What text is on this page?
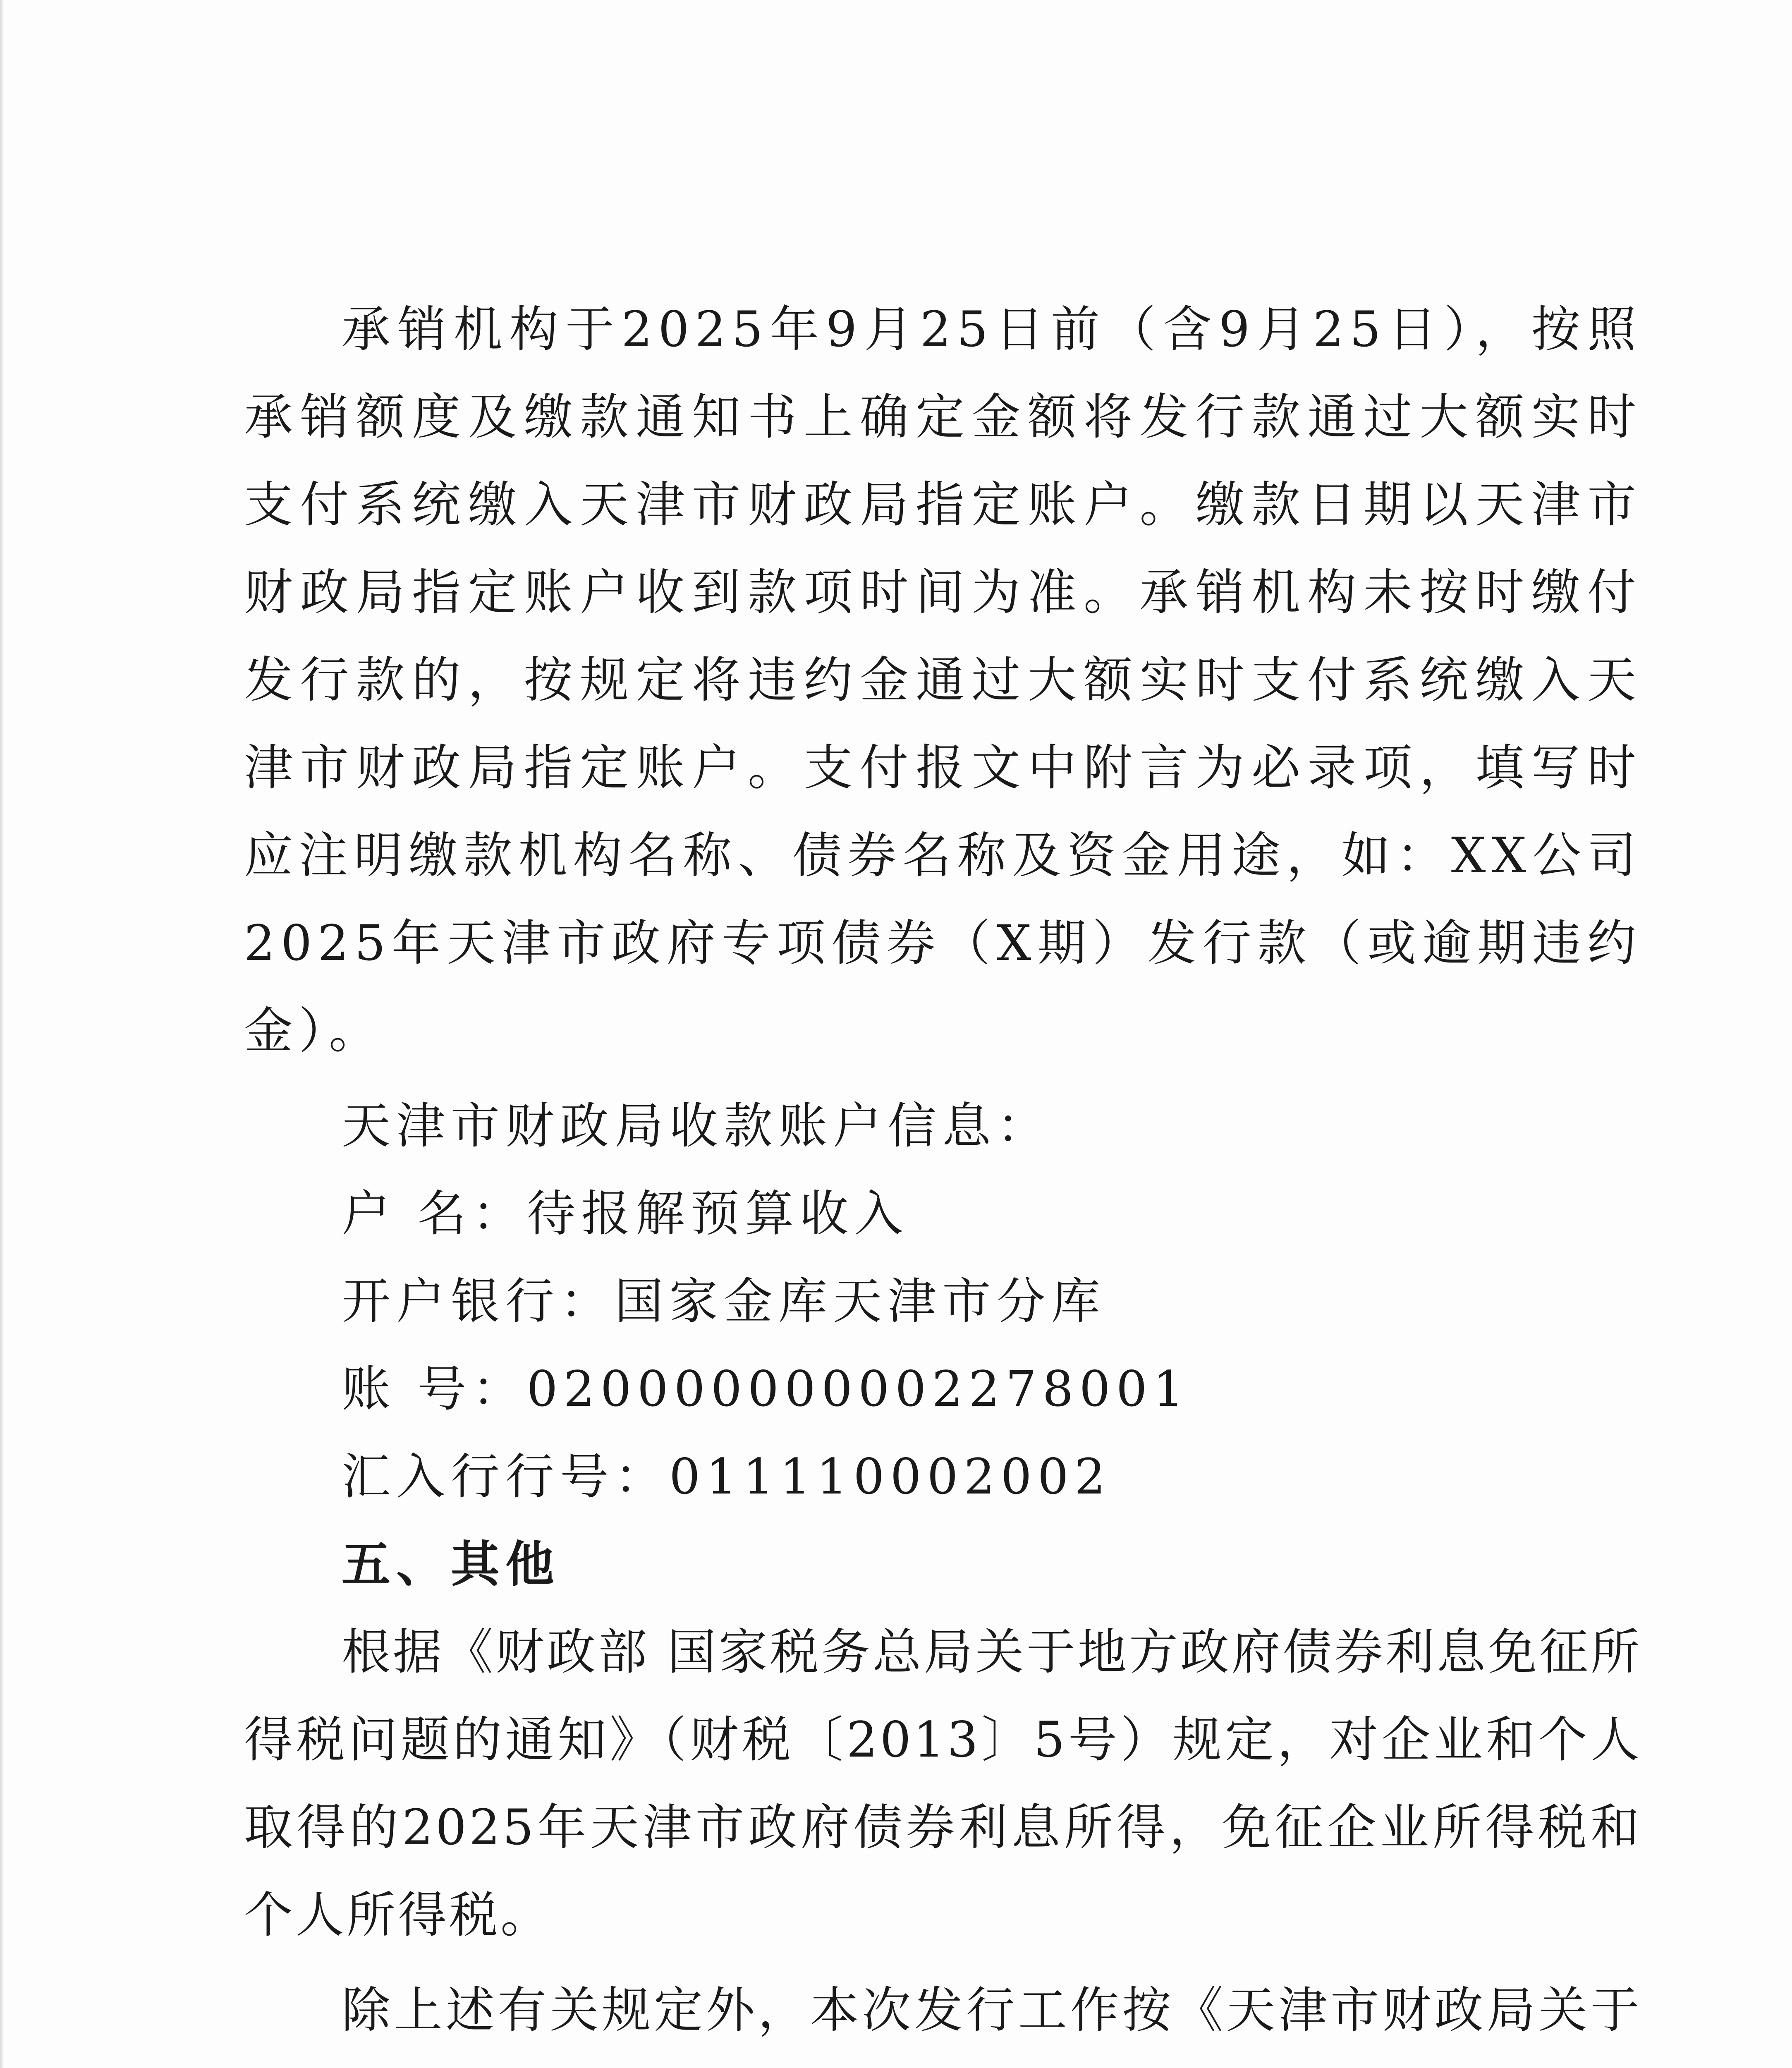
承销机构于2025年9月25日前（含9月25日），按照承销额度及缴款通知书上确定金额将发行款通过大额实时支付系统缴入天津市财政局指定账户。缴款日期以天津市财政局指定账户收到款项时间为准。承销机构未按时缴付发行款的，按规定将违约金通过大额实时支付系统缴入天津市财政局指定账户。支付报文中附言为必录项，填写时应注明缴款机构名称、债券名称及资金用途，如：XX公司2025年天津市政府专项债券（X期）发行款（或逾期违约金）。

天津市财政局收款账户信息：

户 名：待报解预算收入

开户银行：国家金库天津市分库

账 号：020000000002278001

汇入行行号：011110002002

五、其他

根据《财政部 国家税务总局关于地方政府债券利息免征所得税问题的通知》（财税〔2013〕5号）规定，对企业和个人取得的2025年天津市政府债券利息所得，免征企业所得税和个人所得税。

除上述有关规定外，本次发行工作按《天津市财政局关于
